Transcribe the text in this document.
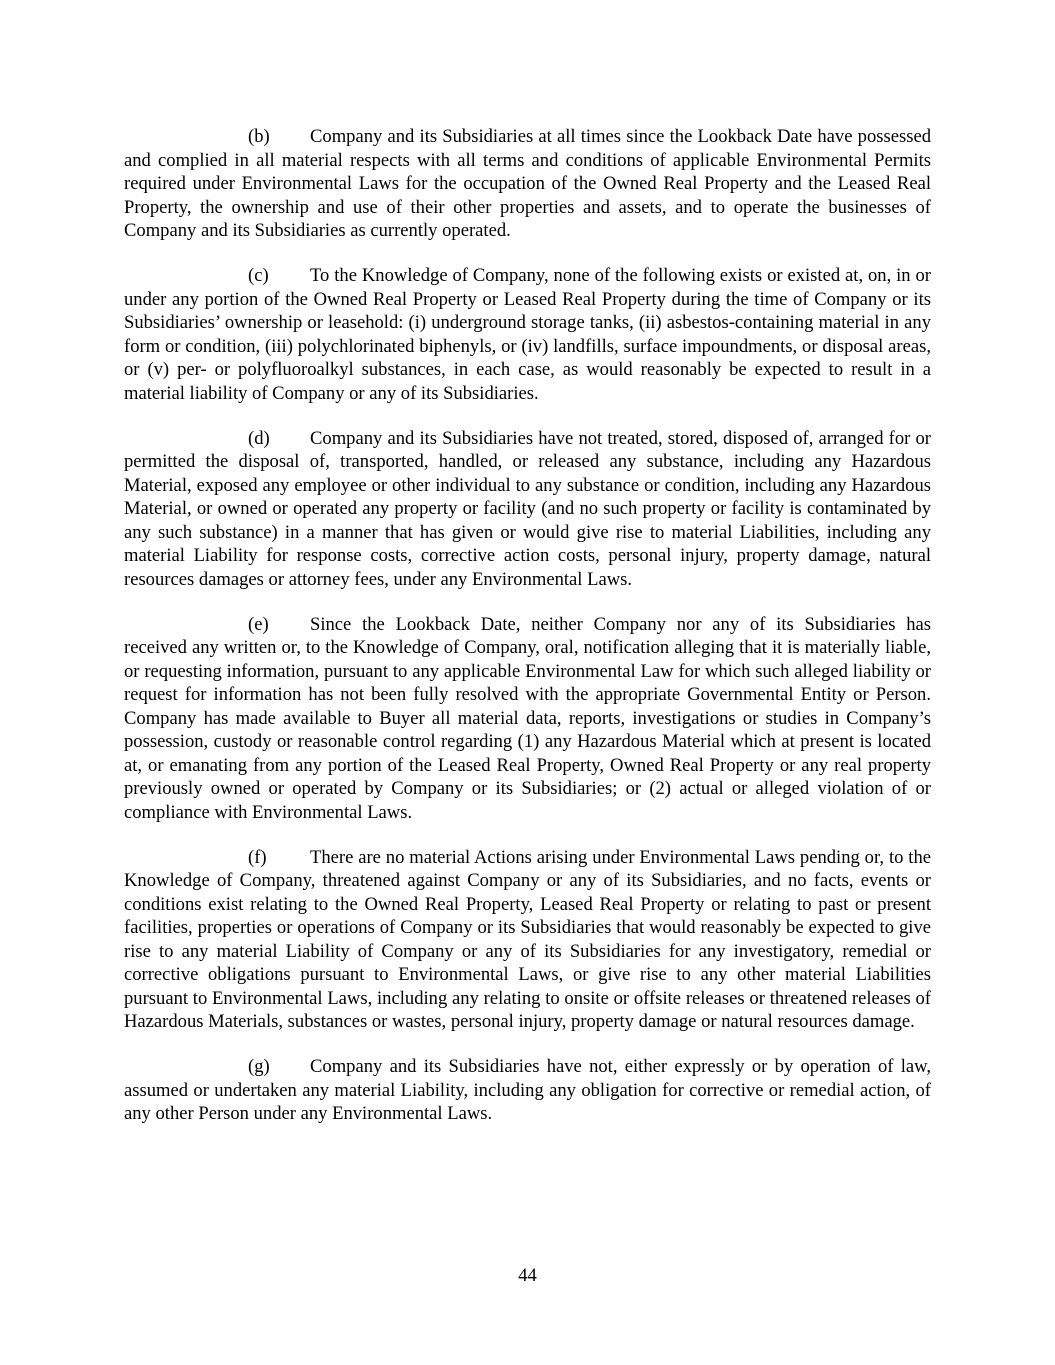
(b) Company and its Subsidiaries at all times since the Lookback Date have possessed and complied in all material respects with all terms and conditions of applicable Environmental Permits required under Environmental Laws for the occupation of the Owned Real Property and the Leased Real Property, the ownership and use of their other properties and assets, and to operate the businesses of Company and its Subsidiaries as currently operated.

(c) To the Knowledge of Company, none of the following exists or existed at, on, in or under any portion of the Owned Real Property or Leased Real Property during the time of Company or its Subsidiaries’ ownership or leasehold: (i) underground storage tanks, (ii) asbestos-containing material in any form or condition, (iii) polychlorinated biphenyls, or (iv) landfills, surface impoundments, or disposal areas, or (v) per- or polyfluoroalkyl substances, in each case, as would reasonably be expected to result in a material liability of Company or any of its Subsidiaries.

(d) Company and its Subsidiaries have not treated, stored, disposed of, arranged for or permitted the disposal of, transported, handled, or released any substance, including any Hazardous Material, exposed any employee or other individual to any substance or condition, including any Hazardous Material, or owned or operated any property or facility (and no such property or facility is contaminated by any such substance) in a manner that has given or would give rise to material Liabilities, including any material Liability for response costs, corrective action costs, personal injury, property damage, natural resources damages or attorney fees, under any Environmental Laws.

(e) Since the Lookback Date, neither Company nor any of its Subsidiaries has received any written or, to the Knowledge of Company, oral, notification alleging that it is materially liable, or requesting information, pursuant to any applicable Environmental Law for which such alleged liability or request for information has not been fully resolved with the appropriate Governmental Entity or Person. Company has made available to Buyer all material data, reports, investigations or studies in Company’s possession, custody or reasonable control regarding (1) any Hazardous Material which at present is located at, or emanating from any portion of the Leased Real Property, Owned Real Property or any real property previously owned or operated by Company or its Subsidiaries; or (2) actual or alleged violation of or compliance with Environmental Laws.

(f) There are no material Actions arising under Environmental Laws pending or, to the Knowledge of Company, threatened against Company or any of its Subsidiaries, and no facts, events or conditions exist relating to the Owned Real Property, Leased Real Property or relating to past or present facilities, properties or operations of Company or its Subsidiaries that would reasonably be expected to give rise to any material Liability of Company or any of its Subsidiaries for any investigatory, remedial or corrective obligations pursuant to Environmental Laws, or give rise to any other material Liabilities pursuant to Environmental Laws, including any relating to onsite or offsite releases or threatened releases of Hazardous Materials, substances or wastes, personal injury, property damage or natural resources damage.

(g) Company and its Subsidiaries have not, either expressly or by operation of law, assumed or undertaken any material Liability, including any obligation for corrective or remedial action, of any other Person under any Environmental Laws.

44
